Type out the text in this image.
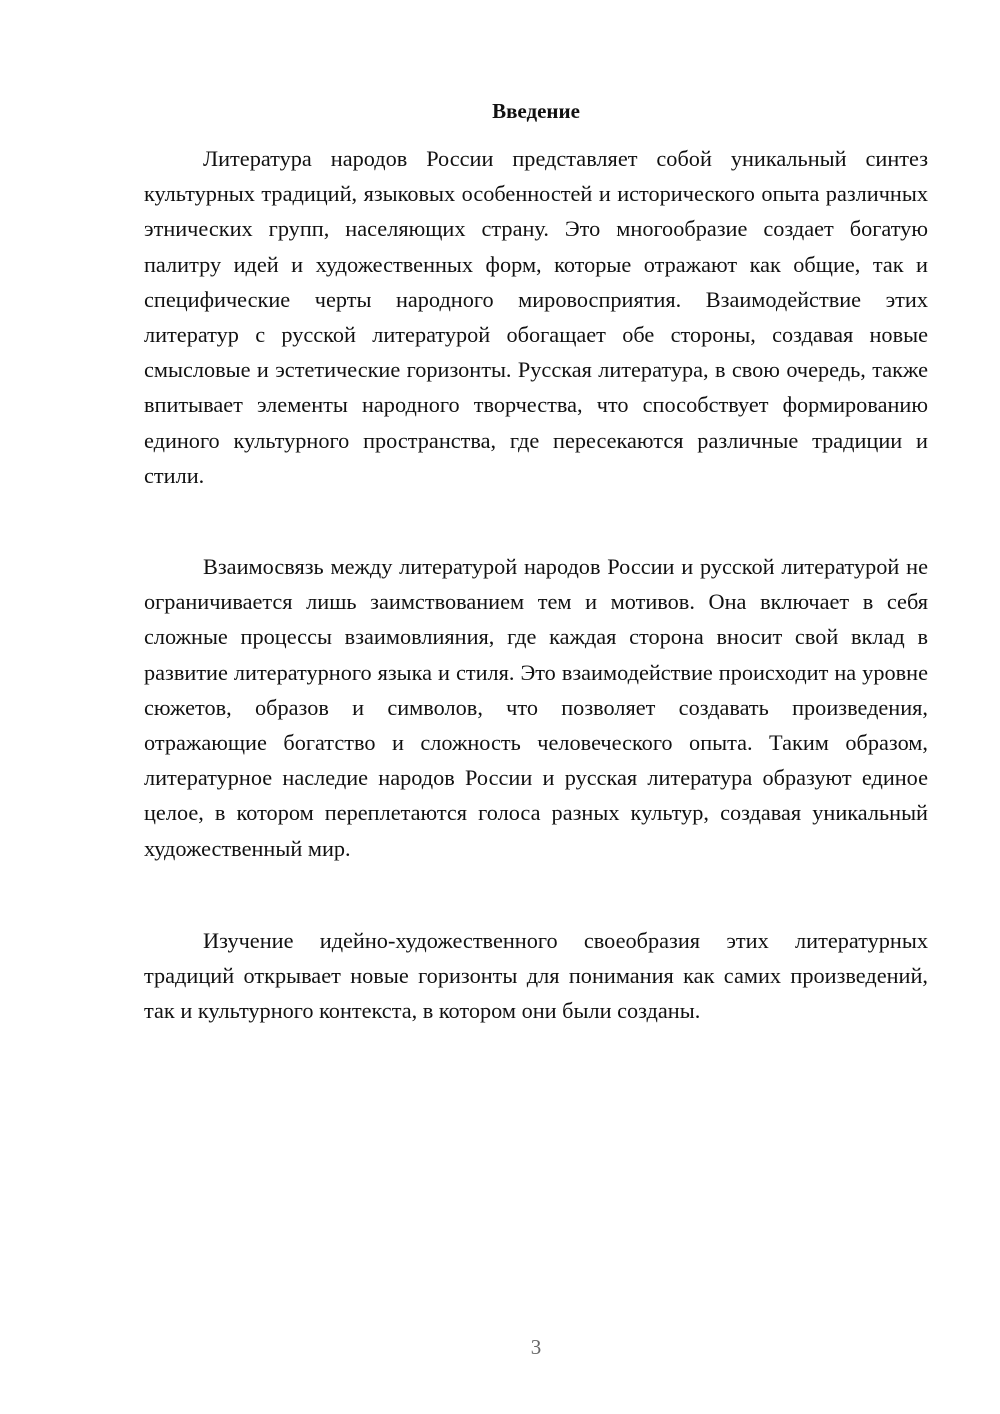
Введение

Литература народов России представляет собой уникальный синтез культурных традиций, языковых особенностей и исторического опыта различных этнических групп, населяющих страну. Это многообразие создает богатую палитру идей и художественных форм, которые отражают как общие, так и специфические черты народного мировосприятия. Взаимодействие этих литератур с русской литературой обогащает обе стороны, создавая новые смысловые и эстетические горизонты. Русская литература, в свою очередь, также впитывает элементы народного творчества, что способствует формированию единого культурного пространства, где пересекаются различные традиции и стили.

Взаимосвязь между литературой народов России и русской литературой не ограничивается лишь заимствованием тем и мотивов. Она включает в себя сложные процессы взаимовлияния, где каждая сторона вносит свой вклад в развитие литературного языка и стиля. Это взаимодействие происходит на уровне сюжетов, образов и символов, что позволяет создавать произведения, отражающие богатство и сложность человеческого опыта. Таким образом, литературное наследие народов России и русская литература образуют единое целое, в котором переплетаются голоса разных культур, создавая уникальный художественный мир.

Изучение идейно-художественного своеобразия этих литературных традиций открывает новые горизонты для понимания как самих произведений, так и культурного контекста, в котором они были созданы.

3
